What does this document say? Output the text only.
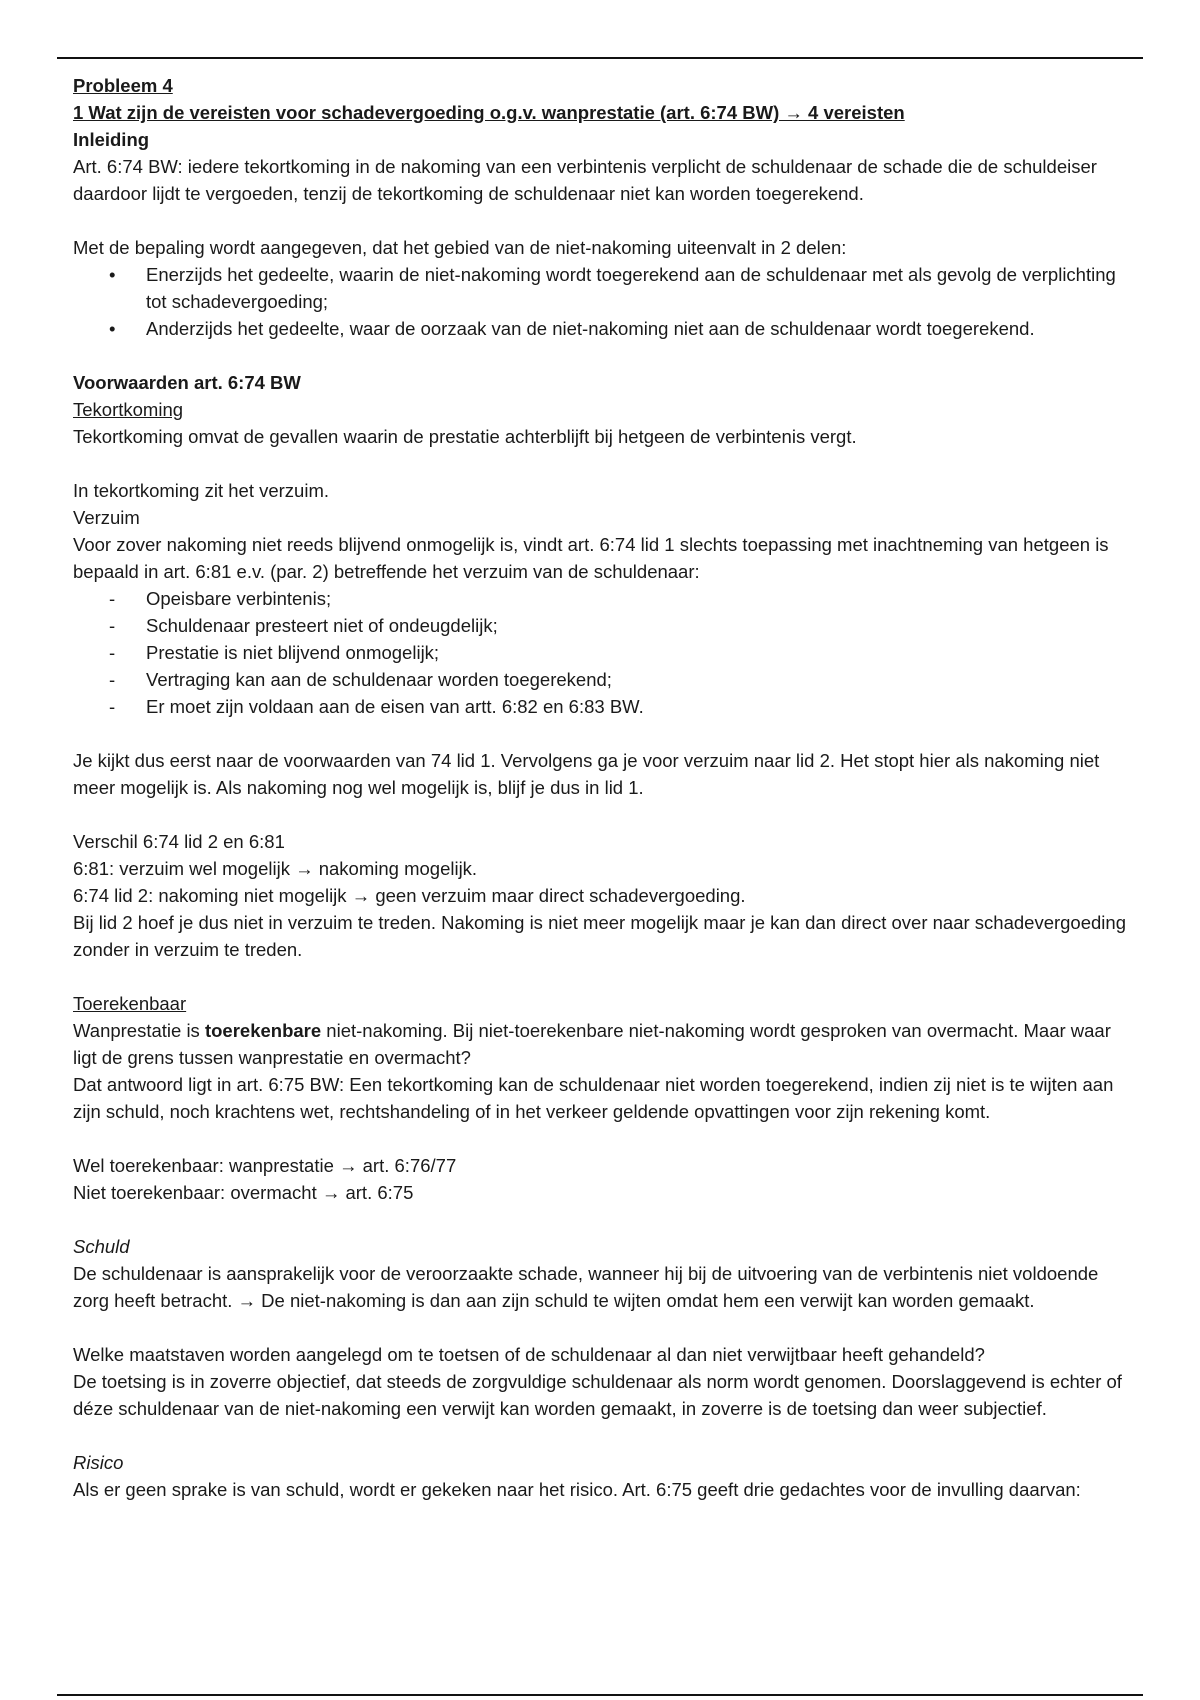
Probleem 4

1 Wat zijn de vereisten voor schadevergoeding o.g.v. wanprestatie (art. 6:74 BW) → 4 vereisten

Inleiding

Art. 6:74 BW: iedere tekortkoming in de nakoming van een verbintenis verplicht de schuldenaar de schade die de schuldeiser daardoor lijdt te vergoeden, tenzij de tekortkoming de schuldenaar niet kan worden toegerekend.

Met de bepaling wordt aangegeven, dat het gebied van de niet-nakoming uiteenvalt in 2 delen:

•	Enerzijds het gedeelte, waarin de niet-nakoming wordt toegerekend aan de schuldenaar met als gevolg de verplichting tot schadevergoeding;
•	Anderzijds het gedeelte, waar de oorzaak van de niet-nakoming niet aan de schuldenaar wordt toegerekend.

Voorwaarden art. 6:74 BW

Tekortkoming

Tekortkoming omvat de gevallen waarin de prestatie achterblijft bij hetgeen de verbintenis vergt.

In tekortkoming zit het verzuim.

Verzuim

Voor zover nakoming niet reeds blijvend onmogelijk is, vindt art. 6:74 lid 1 slechts toepassing met inachtneming van hetgeen is bepaald in art. 6:81 e.v. (par. 2) betreffende het verzuim van de schuldenaar:

-	Opeisbare verbintenis;
-	Schuldenaar presteert niet of ondeugdelijk;
-	Prestatie is niet blijvend onmogelijk;
-	Vertraging kan aan de schuldenaar worden toegerekend;
-	Er moet zijn voldaan aan de eisen van artt. 6:82 en 6:83 BW.

Je kijkt dus eerst naar de voorwaarden van 74 lid 1. Vervolgens ga je voor verzuim naar lid 2. Het stopt hier als nakoming niet meer mogelijk is. Als nakoming nog wel mogelijk is, blijf je dus in lid 1.

Verschil 6:74 lid 2 en 6:81

6:81: verzuim wel mogelijk → nakoming mogelijk.

6:74 lid 2: nakoming niet mogelijk → geen verzuim maar direct schadevergoeding.

Bij lid 2 hoef je dus niet in verzuim te treden. Nakoming is niet meer mogelijk maar je kan dan direct over naar schadevergoeding zonder in verzuim te treden.

Toerekenbaar

Wanprestatie is toerekenbare niet-nakoming. Bij niet-toerekenbare niet-nakoming wordt gesproken van overmacht. Maar waar ligt de grens tussen wanprestatie en overmacht?

Dat antwoord ligt in art. 6:75 BW: Een tekortkoming kan de schuldenaar niet worden toegerekend, indien zij niet is te wijten aan zijn schuld, noch krachtens wet, rechtshandeling of in het verkeer geldende opvattingen voor zijn rekening komt.

Wel toerekenbaar: wanprestatie → art. 6:76/77

Niet toerekenbaar: overmacht → art. 6:75

Schuld

De schuldenaar is aansprakelijk voor de veroorzaakte schade, wanneer hij bij de uitvoering van de verbintenis niet voldoende zorg heeft betracht. → De niet-nakoming is dan aan zijn schuld te wijten omdat hem een verwijt kan worden gemaakt.

Welke maatstaven worden aangelegd om te toetsen of de schuldenaar al dan niet verwijtbaar heeft gehandeld?

De toetsing is in zoverre objectief, dat steeds de zorgvuldige schuldenaar als norm wordt genomen. Doorslaggevend is echter of déze schuldenaar van de niet-nakoming een verwijt kan worden gemaakt, in zoverre is de toetsing dan weer subjectief.

Risico

Als er geen sprake is van schuld, wordt er gekeken naar het risico. Art. 6:75 geeft drie gedachtes voor de invulling daarvan:
